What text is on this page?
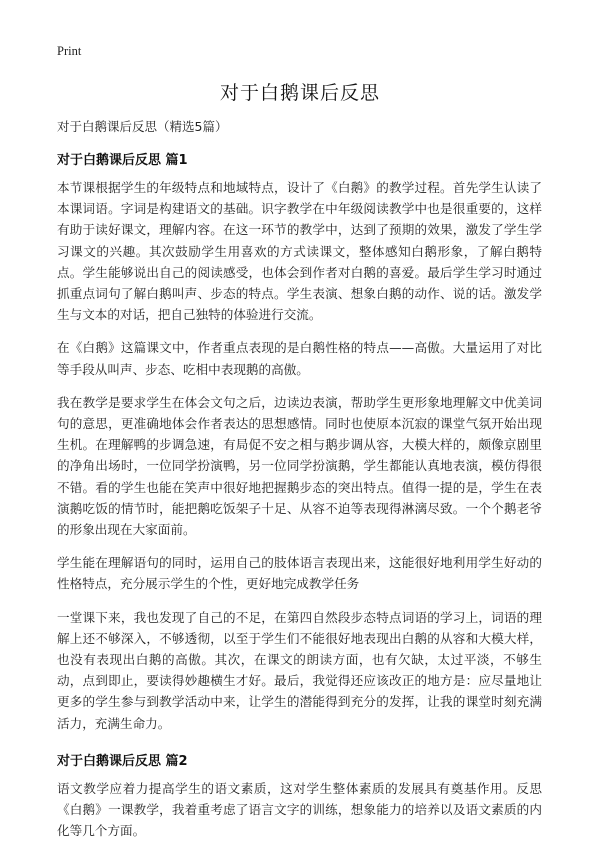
Print
对于白鹅课后反思
对于白鹅课后反思（精选5篇）
对于白鹅课后反思 篇1

本节课根据学生的年级特点和地域特点，设计了《白鹅》的教学过程。首先学生认读了本课词语。字词是构建语文的基础。识字教学在中年级阅读教学中也是很重要的，这样有助于读好课文，理解内容。在这一环节的教学中，达到了预期的效果，激发了学生学习课文的兴趣。其次鼓励学生用喜欢的方式读课文，整体感知白鹅形象，了解白鹅特点。学生能够说出自己的阅读感受，也体会到作者对白鹅的喜爱。最后学生学习时通过抓重点词句了解白鹅叫声、步态的特点。学生表演、想象白鹅的动作、说的话。激发学生与文本的对话，把自己独特的体验进行交流。

在《白鹅》这篇课文中，作者重点表现的是白鹅性格的特点——高傲。大量运用了对比等手段从叫声、步态、吃相中表现鹅的高傲。

我在教学是要求学生在体会文句之后，边读边表演，帮助学生更形象地理解文中优美词句的意思，更准确地体会作者表达的思想感情。同时也使原本沉寂的课堂气氛开始出现生机。在理解鸭的步调急速，有局促不安之相与鹅步调从容，大模大样的，颇像京剧里的净角出场时，一位同学扮演鸭，另一位同学扮演鹅，学生都能认真地表演，模仿得很不错。看的学生也能在笑声中很好地把握鹅步态的突出特点。值得一提的是，学生在表演鹅吃饭的情节时，能把鹅吃饭架子十足、从容不迫等表现得淋漓尽致。一个个鹅老爷的形象出现在大家面前。

学生能在理解语句的同时，运用自己的肢体语言表现出来，这能很好地利用学生好动的性格特点，充分展示学生的个性，更好地完成教学任务

一堂课下来，我也发现了自己的不足，在第四自然段步态特点词语的学习上，词语的理解上还不够深入，不够透彻，以至于学生们不能很好地表现出白鹅的从容和大模大样，也没有表现出白鹅的高傲。其次，在课文的朗读方面，也有欠缺，太过平淡，不够生动，点到即止，要读得妙趣横生才好。最后，我觉得还应该改正的地方是：应尽量地让更多的学生参与到教学活动中来，让学生的潜能得到充分的发挥，让我的课堂时刻充满活力，充满生命力。

对于白鹅课后反思 篇2

语文教学应着力提高学生的语文素质，这对学生整体素质的发展具有奠基作用。反思《白鹅》一课教学，我着重考虑了语言文字的训练，想象能力的培养以及语文素质的内化等几个方面。
